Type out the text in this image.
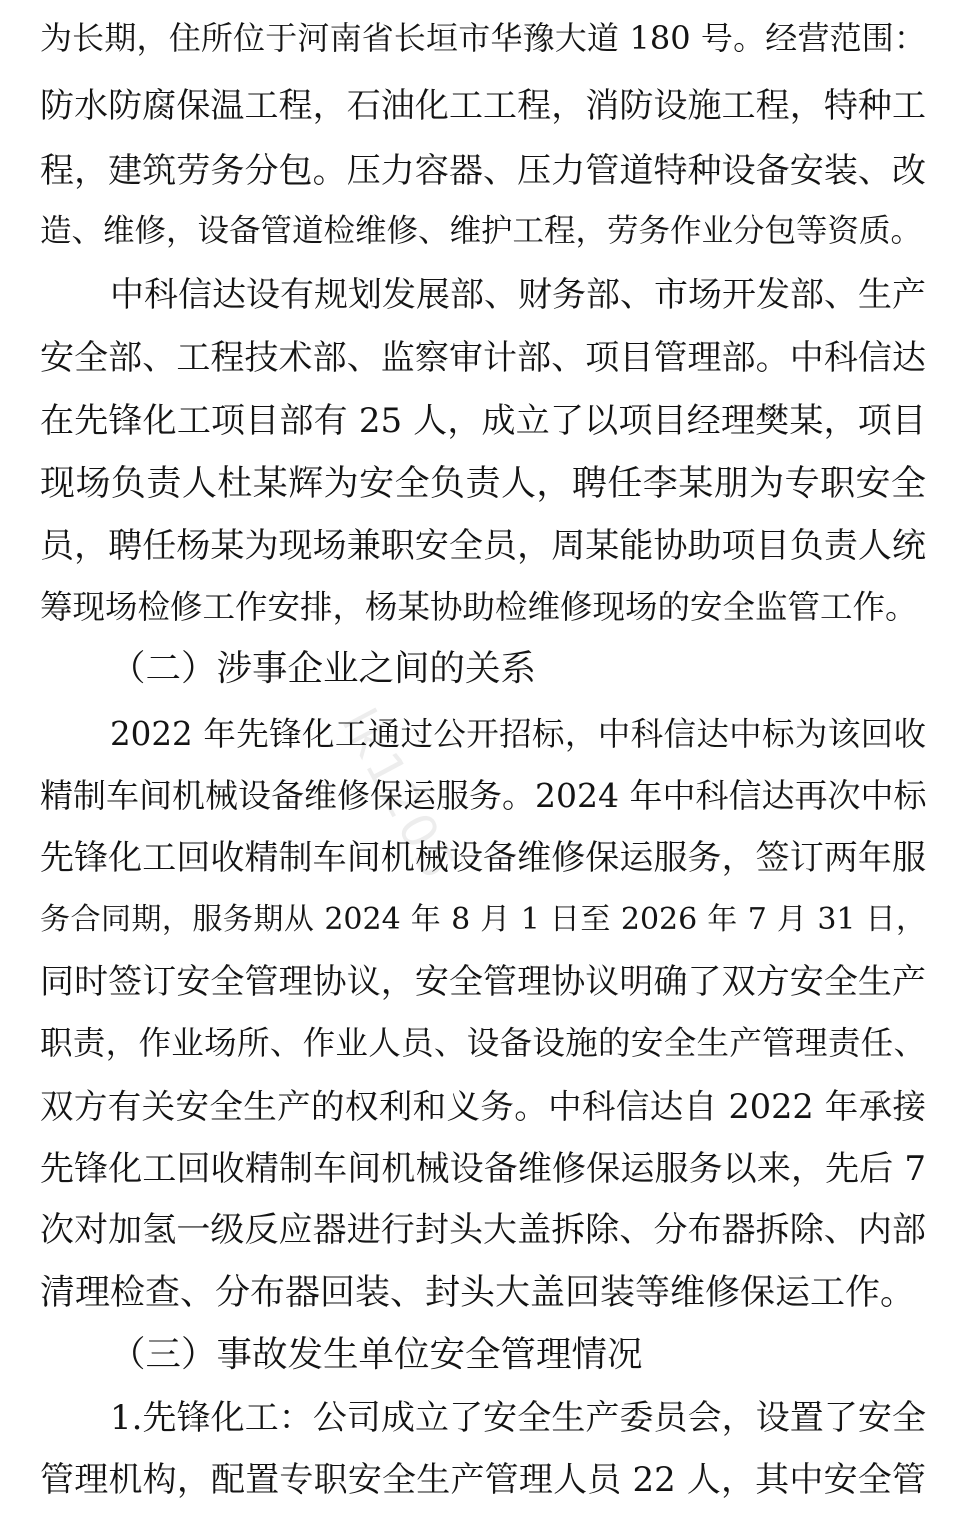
为长期，住所位于河南省长垣市华豫大道 180 号。经营范围：
防水防腐保温工程，石油化工工程，消防设施工程，特种工
程，建筑劳务分包。压力容器、压力管道特种设备安装、改
造、维修，设备管道检维修、维护工程，劳务作业分包等资质。
中科信达设有规划发展部、财务部、市场开发部、生产
安全部、工程技术部、监察审计部、项目管理部。中科信达
在先锋化工项目部有 25 人，成立了以项目经理樊某，项目
现场负责人杜某辉为安全负责人，聘任李某朋为专职安全
员，聘任杨某为现场兼职安全员，周某能协助项目负责人统
筹现场检修工作安排，杨某协助检维修现场的安全监管工作。
（二）涉事企业之间的关系
2022 年先锋化工通过公开招标，中科信达中标为该回收
精制车间机械设备维修保运服务。2024 年中科信达再次中标
先锋化工回收精制车间机械设备维修保运服务，签订两年服
务合同期，服务期从 2024 年 8 月 1 日至 2026 年 7 月 31 日，
同时签订安全管理协议，安全管理协议明确了双方安全生产
职责，作业场所、作业人员、设备设施的安全生产管理责任、
双方有关安全生产的权利和义务。中科信达自 2022 年承接
先锋化工回收精制车间机械设备维修保运服务以来，先后 7
次对加氢一级反应器进行封头大盖拆除、分布器拆除、内部
清理检查、分布器回装、封头大盖回装等维修保运工作。
（三）事故发生单位安全管理情况
1.先锋化工：公司成立了安全生产委员会，设置了安全
管理机构，配置专职安全生产管理人员 22 人，其中安全管
lk1205
